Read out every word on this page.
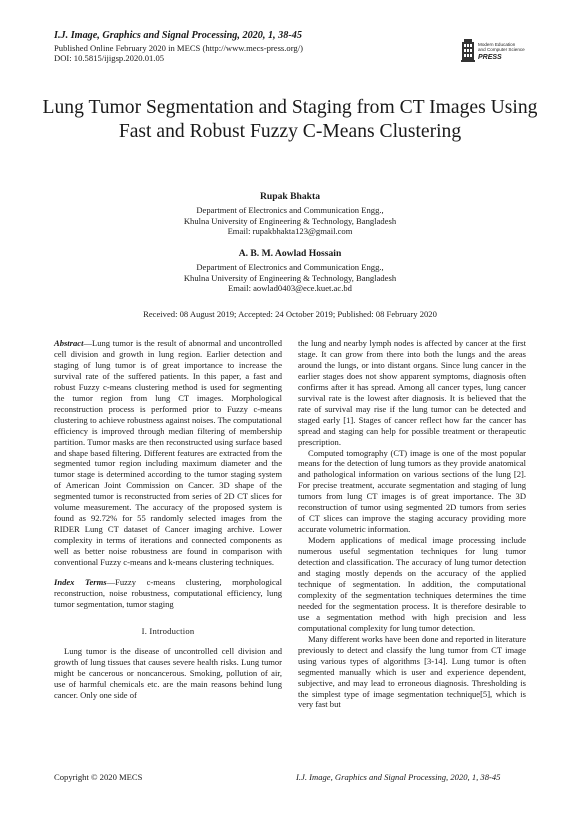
I.J. Image, Graphics and Signal Processing, 2020, 1, 38-45
Published Online February 2020 in MECS (http://www.mecs-press.org/)
DOI: 10.5815/ijigsp.2020.01.05
Modern Education
and Computer Science
PRESS
Lung Tumor Segmentation and Staging from CT Images Using Fast and Robust Fuzzy C-Means Clustering
Rupak Bhakta
Department of Electronics and Communication Engg.,
Khulna University of Engineering & Technology, Bangladesh
Email: rupakbhakta123@gmail.com
A. B. M. Aowlad Hossain
Department of Electronics and Communication Engg.,
Khulna University of Engineering & Technology, Bangladesh
Email: aowlad0403@ece.kuet.ac.bd
Received: 08 August 2019; Accepted: 24 October 2019; Published: 08 February 2020

Abstract—Lung tumor is the result of abnormal and uncontrolled cell division and growth in lung region. Earlier detection and staging of lung tumor is of great importance to increase the survival rate of the suffered patients. In this paper, a fast and robust Fuzzy c-means clustering method is used for segmenting the tumor region from lung CT images. Morphological reconstruction process is performed prior to Fuzzy c-means clustering to achieve robustness against noises. The computational efficiency is improved through median filtering of membership partition. Tumor masks are then reconstructed using surface based and shape based filtering. Different features are extracted from the segmented tumor region including maximum diameter and the tumor stage is determined according to the tumor staging system of American Joint Commission on Cancer. 3D shape of the segmented tumor is reconstructed from series of 2D CT slices for volume measurement. The accuracy of the proposed system is found as 92.72% for 55 randomly selected images from the RIDER Lung CT dataset of Cancer imaging archive. Lower complexity in terms of iterations and connected components as well as better noise robustness are found in comparison with conventional Fuzzy c-means and k-means clustering techniques.

Index Terms—Fuzzy c-means clustering, morphological reconstruction, noise robustness, computational efficiency, lung tumor segmentation, tumor staging

I. Introduction

Lung tumor is the disease of uncontrolled cell division and growth of lung tissues that causes severe health risks. Lung tumor might be cancerous or noncancerous. Smoking, pollution of air, use of harmful chemicals etc. are the main reasons behind lung cancer. Only one side of

the lung and nearby lymph nodes is affected by cancer at the first stage. It can grow from there into both the lungs and the areas around the lungs, or into distant organs. Since lung cancer in the earlier stages does not show apparent symptoms, diagnosis often confirms after it has spread. Among all cancer types, lung cancer survival rate is the lowest after diagnosis. It is believed that the rate of survival may rise if the lung tumor can be detected and staged early [1]. Stages of cancer reflect how far the cancer has spread and staging can help for possible treatment or therapeutic prescription.

Computed tomography (CT) image is one of the most popular means for the detection of lung tumors as they provide anatomical and pathological information on various sections of the lung [2]. For precise treatment, accurate segmentation and staging of lung tumors from lung CT images is of great importance. The 3D reconstruction of tumor using segmented 2D tumors from series of CT slices can improve the staging accuracy providing more accurate volumetric information.

Modern applications of medical image processing include numerous useful segmentation techniques for lung tumor detection and classification. The accuracy of lung tumor detection and staging mostly depends on the accuracy of the applied technique of segmentation. In addition, the computational complexity of the segmentation techniques determines the time needed for the segmentation process. It is therefore desirable to use a segmentation method with high precision and less computational complexity for lung tumor detection.

Many different works have been done and reported in literature previously to detect and classify the lung tumor from CT image using various types of algorithms [3-14]. Lung tumor is often segmented manually which is user and experience dependent, subjective, and may lead to erroneous diagnosis. Thresholding is the simplest type of image segmentation technique[5], which is very fast but

Copyright © 2020 MECS	I.J. Image, Graphics and Signal Processing, 2020, 1, 38-45
